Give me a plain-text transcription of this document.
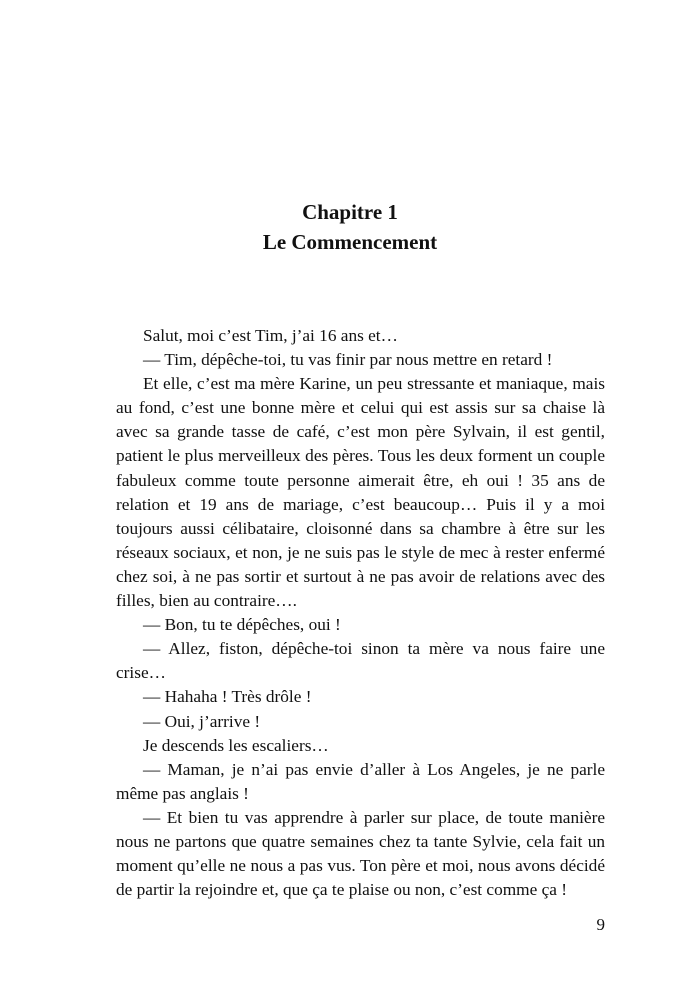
Chapitre 1
Le Commencement

Salut, moi c’est Tim, j’ai 16 ans et…

— Tim, dépêche-toi, tu vas finir par nous mettre en retard !

Et elle, c’est ma mère Karine, un peu stressante et maniaque, mais au fond, c’est une bonne mère et celui qui est assis sur sa chaise là avec sa grande tasse de café, c’est mon père Sylvain, il est gentil, patient le plus merveilleux des pères. Tous les deux forment un couple fabuleux comme toute personne aimerait être, eh oui ! 35 ans de relation et 19 ans de mariage, c’est beaucoup… Puis il y a moi toujours aussi célibataire, cloisonné dans sa chambre à être sur les réseaux sociaux, et non, je ne suis pas le style de mec à rester enfermé chez soi, à ne pas sortir et surtout à ne pas avoir de relations avec des filles, bien au contraire….

— Bon, tu te dépêches, oui !

— Allez, fiston, dépêche-toi sinon ta mère va nous faire une crise…

— Hahaha ! Très drôle !

— Oui, j’arrive !

Je descends les escaliers…

— Maman, je n’ai pas envie d’aller à Los Angeles, je ne parle même pas anglais !

— Et bien tu vas apprendre à parler sur place, de toute manière nous ne partons que quatre semaines chez ta tante Sylvie, cela fait un moment qu’elle ne nous a pas vus. Ton père et moi, nous avons décidé de partir la rejoindre et, que ça te plaise ou non, c’est comme ça !

9
